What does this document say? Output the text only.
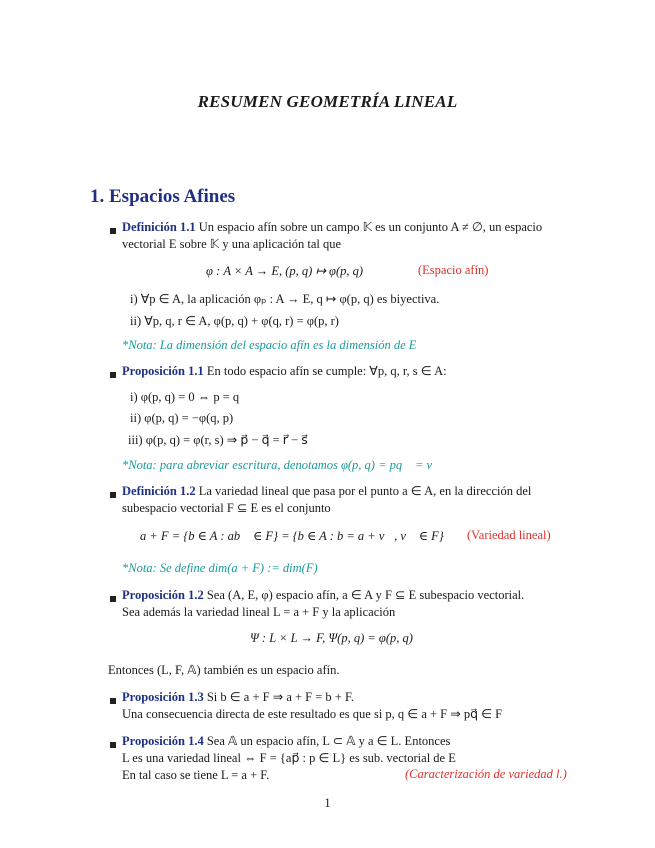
RESUMEN GEOMETRÍA LINEAL
1. Espacios Afines
Definición 1.1 Un espacio afín sobre un campo 𝕂 es un conjunto A ≠ ∅, un espacio
vectorial E sobre 𝕂 y una aplicación tal que
φ : A × A → E, (p, q) ↦ φ(p, q)	(Espacio afín)
i) ∀p ∈ A, la aplicación φₚ : A → E, q ↦ φ(p, q) es biyectiva.
ii) ∀p, q, r ∈ A, φ(p, q) + φ(q, r) = φ(p, r)
*Nota: La dimensión del espacio afín es la dimensión de E
Proposición 1.1 En todo espacio afín se cumple: ∀p, q, r, s ∈ A:
i) φ(p, q) = 0 ⇔ p = q
ii) φ(p, q) = −φ(q, p)
iii) φ(p, q) = φ(r, s) ⇒ p⃗ − q⃗ = r⃗ − s⃗
*Nota: para abreviar escritura, denotamos φ(p, q) = pq⃗ = v⃗
Definición 1.2 La variedad lineal que pasa por el punto a ∈ A, en la dirección del
subespacio vectorial F ⊆ E es el conjunto
a + F = {b ∈ A : ab⃗ ∈ F} = {b ∈ A : b = a + v⃗, v⃗ ∈ F} (Variedad lineal)
*Nota: Se define dim(a + F) := dim(F)
Proposición 1.2 Sea (A, E, φ) espacio afín, a ∈ A y F ⊆ E subespacio vectorial.
Sea además la variedad lineal L = a + F y la aplicación
Ψ : L × L → F, Ψ(p, q) = φ(p, q)
Entonces (L, F, 𝔸) también es un espacio afín.
Proposición 1.3 Si b ∈ a + F ⇒ a + F = b + F.
Una consecuencia directa de este resultado es que si p, q ∈ a + F ⇒ pq⃗ ∈ F
Proposición 1.4 Sea 𝔸 un espacio afín, L ⊂ 𝔸 y a ∈ L. Entonces
L es una variedad lineal ⇔ F = {ap⃗ : p ∈ L} es sub. vectorial de E
En tal caso se tiene L = a + F.	(Caracterización de variedad l.)
1
